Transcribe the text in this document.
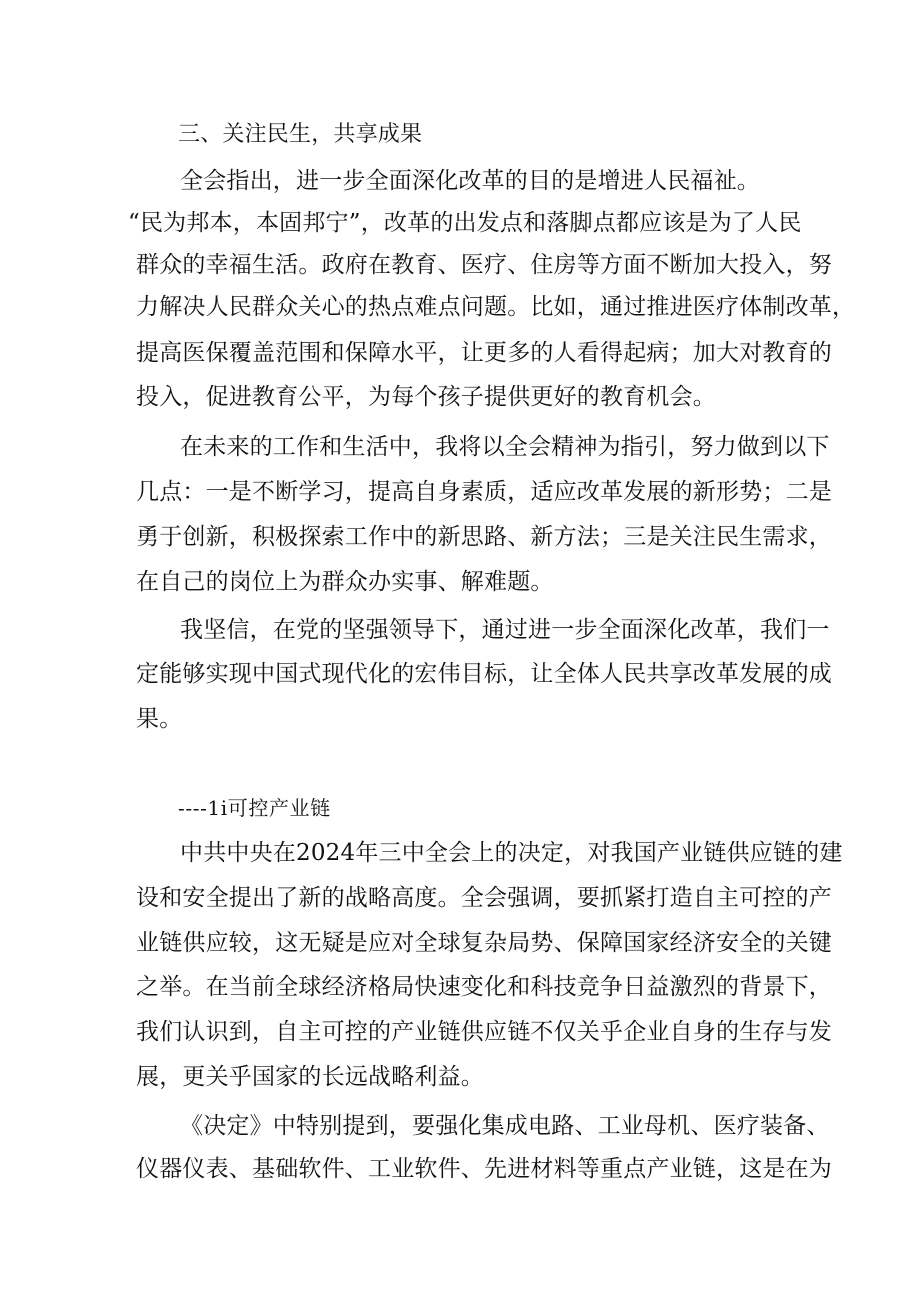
三、关注民生，共享成果
全会指出，进一步全面深化改革的目的是增进人民福祉。
“民为邦本，本固邦宁”，改革的出发点和落脚点都应该是为了人民
群众的幸福生活。政府在教育、医疗、住房等方面不断加大投入，努
力解决人民群众关心的热点难点问题。比如，通过推进医疗体制改革，
提高医保覆盖范围和保障水平，让更多的人看得起病；加大对教育的
投入，促进教育公平，为每个孩子提供更好的教育机会。
在未来的工作和生活中，我将以全会精神为指引，努力做到以下
几点：一是不断学习，提高自身素质，适应改革发展的新形势；二是
勇于创新，积极探索工作中的新思路、新方法；三是关注民生需求，
在自己的岗位上为群众办实事、解难题。
我坚信，在党的坚强领导下，通过进一步全面深化改革，我们一
定能够实现中国式现代化的宏伟目标，让全体人民共享改革发展的成
果。
----1i可控产业链
中共中央在2024年三中全会上的决定，对我国产业链供应链的建
设和安全提出了新的战略高度。全会强调，要抓紧打造自主可控的产
业链供应较，这无疑是应对全球复杂局势、保障国家经济安全的关键
之举。在当前全球经济格局快速变化和科技竞争日益激烈的背景下，
我们认识到，自主可控的产业链供应链不仅关乎企业自身的生存与发
展，更关乎国家的长远战略利益。
《决定》中特别提到，要强化集成电路、工业母机、医疗装备、
仪器仪表、基础软件、工业软件、先进材料等重点产业链，这是在为
